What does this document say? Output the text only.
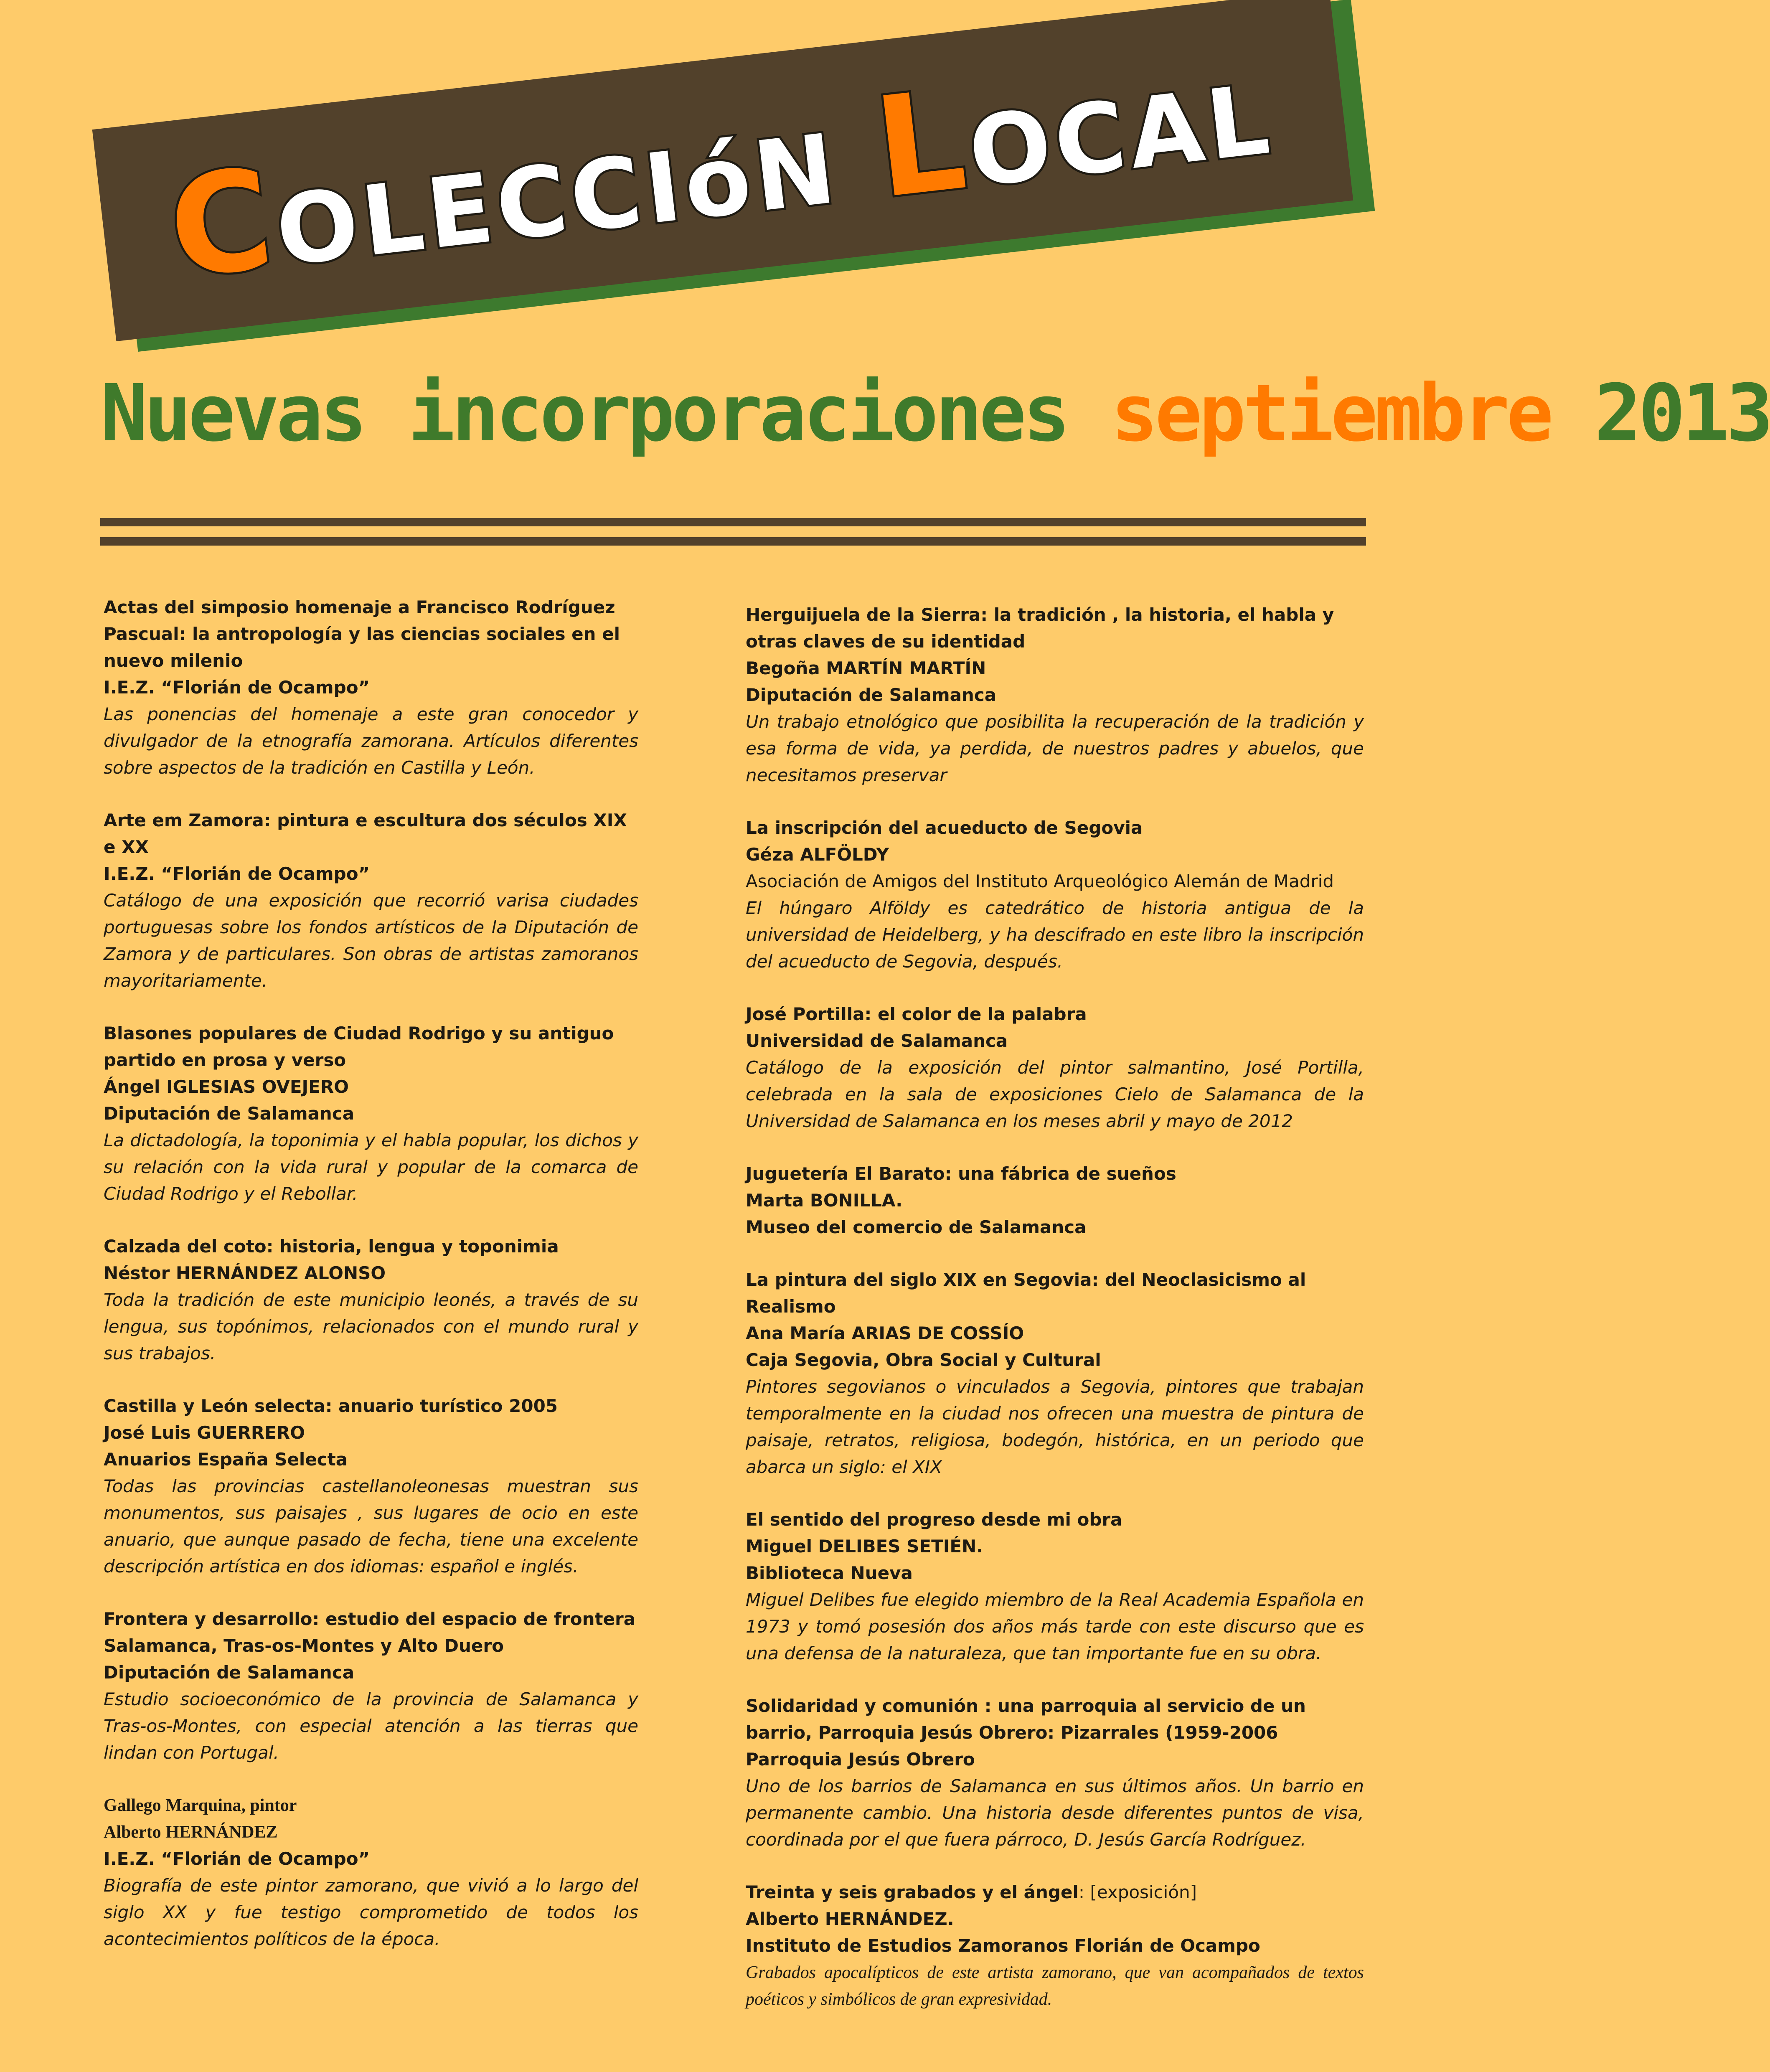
COLECCIóN LOCAL
Nuevas incorporaciones septiembre 2013
Actas del simposio homenaje a Francisco Rodríguez Pascual: la antropología y las ciencias sociales en el nuevo milenio
I.E.Z. “Florián de Ocampo”
Las ponencias del homenaje a este gran conocedor y divulgador de la etnografía zamorana. Artículos diferentes sobre aspectos de la tradición en Castilla y León.
Arte em Zamora: pintura e escultura dos séculos XIX e XX
I.E.Z. “Florián de Ocampo”
Catálogo de una exposición que recorrió varisa ciudades portuguesas sobre los fondos artísticos de la Diputación de Zamora y de particulares. Son obras de artistas zamoranos mayoritariamente.
Blasones populares de Ciudad Rodrigo y su antiguo partido en prosa y verso
Ángel IGLESIAS OVEJERO
Diputación de Salamanca
La dictadología, la toponimia y el habla popular, los dichos y su relación con la vida rural y popular de la comarca de Ciudad Rodrigo y el Rebollar.
Calzada del coto: historia, lengua y toponimia
Néstor HERNÁNDEZ ALONSO
Toda la tradición de este municipio leonés, a través de su lengua, sus topónimos, relacionados con el mundo rural y sus trabajos.
Castilla y León selecta: anuario turístico 2005
José Luis GUERRERO
Anuarios España Selecta
Todas las provincias castellanoleonesas muestran sus monumentos, sus paisajes , sus lugares de ocio en este anuario, que aunque pasado de fecha, tiene una excelente descripción artística en dos idiomas: español e inglés.
Frontera y desarrollo: estudio del espacio de frontera Salamanca, Tras-os-Montes y Alto Duero
Diputación de Salamanca
Estudio socioeconómico de la provincia de Salamanca y Tras-os-Montes, con especial atención a las tierras que lindan con Portugal.
Gallego Marquina, pintor
Alberto HERNÁNDEZ
I.E.Z. “Florián de Ocampo”
Biografía de este pintor zamorano, que vivió a lo largo del siglo XX y fue testigo comprometido de todos los acontecimientos políticos de la época.
Herguijuela de la Sierra: la tradición , la historia, el habla y otras claves de su identidad
Begoña MARTÍN MARTÍN
Diputación de Salamanca
Un trabajo etnológico que posibilita la recuperación de la tradición y esa forma de vida, ya perdida, de nuestros padres y abuelos, que necesitamos preservar
La inscripción del acueducto de Segovia
Géza ALFÖLDY
Asociación de Amigos del Instituto Arqueológico Alemán de Madrid
El húngaro Alföldy es catedrático de historia antigua de la universidad de Heidelberg, y ha descifrado en este libro la inscripción del acueducto de Segovia, después.
José Portilla: el color de la palabra
Universidad de Salamanca
Catálogo de la exposición del pintor salmantino, José Portilla, celebrada en la sala de exposiciones Cielo de Salamanca de la Universidad de Salamanca en los meses abril y mayo de 2012
Juguetería El Barato: una fábrica de sueños
Marta BONILLA.
Museo del comercio de Salamanca
La pintura del siglo XIX en Segovia: del Neoclasicismo al Realismo
Ana María ARIAS DE COSSÍO
Caja Segovia, Obra Social y Cultural
Pintores segovianos o vinculados a Segovia, pintores que trabajan temporalmente en la ciudad nos ofrecen una muestra de pintura de paisaje, retratos, religiosa, bodegón, histórica, en un periodo que abarca un siglo: el XIX
El sentido del progreso desde mi obra
Miguel DELIBES SETIÉN.
Biblioteca Nueva
Miguel Delibes fue elegido miembro de la Real Academia Española en 1973 y tomó posesión dos años más tarde con este discurso que es una defensa de la naturaleza, que tan importante fue en su obra.
Solidaridad y comunión : una parroquia al servicio de un barrio, Parroquia Jesús Obrero: Pizarrales (1959-2006
Parroquia Jesús Obrero
Uno de los barrios de Salamanca en sus últimos años. Un barrio en permanente cambio. Una historia desde diferentes puntos de visa, coordinada por el que fuera párroco, D. Jesús García Rodríguez.
Treinta y seis grabados y el ángel: [exposición]
Alberto HERNÁNDEZ.
Instituto de Estudios Zamoranos Florián de Ocampo
Grabados apocalípticos de este artista zamorano, que van acompañados de textos poéticos y simbólicos de gran expresividad.
